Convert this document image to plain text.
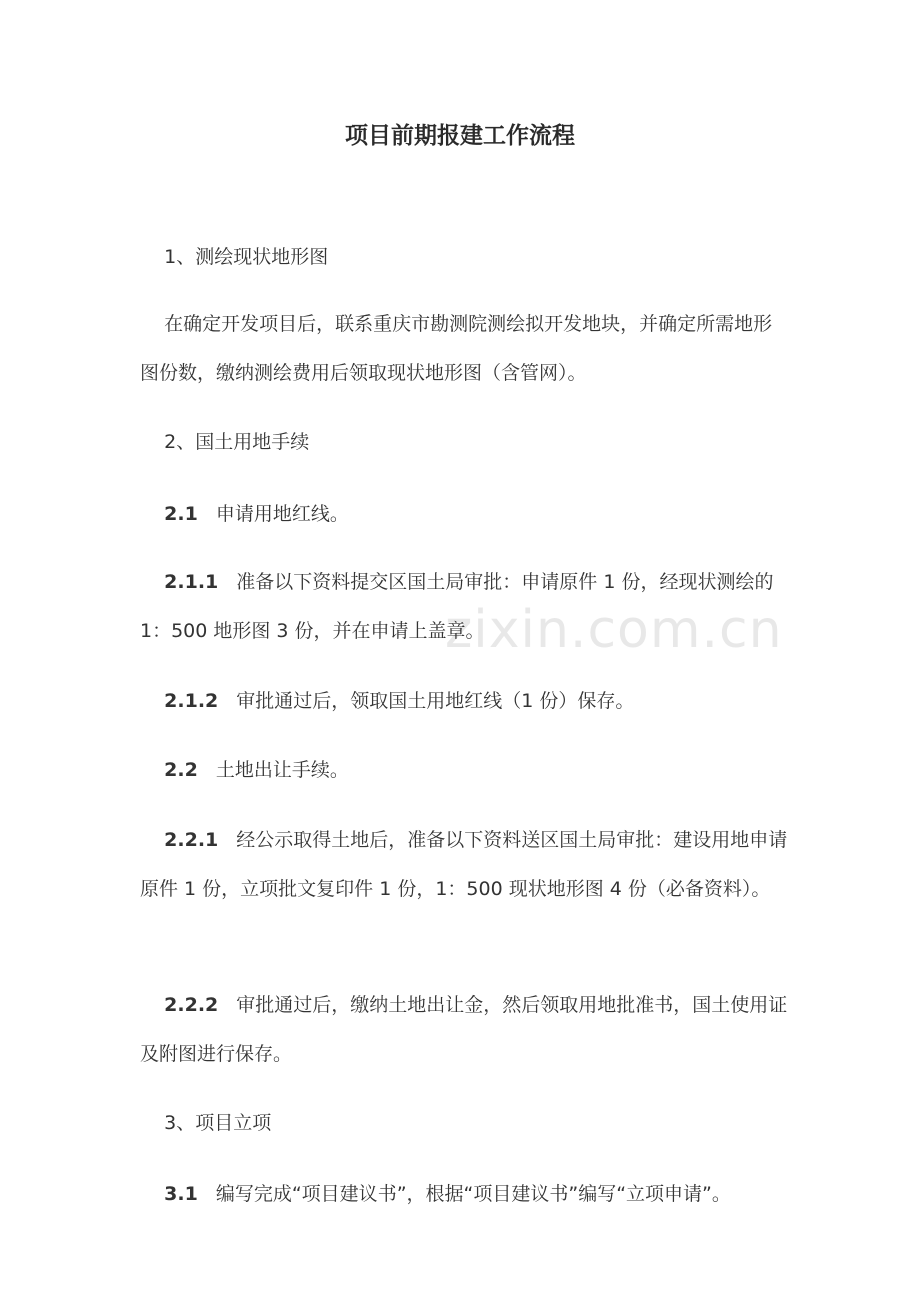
zixin.com.cn
项目前期报建工作流程

1、测绘现状地形图

在确定开发项目后，联系重庆市勘测院测绘拟开发地块，并确定所需地形图份数，缴纳测绘费用后领取现状地形图（含管网）。

2、国土用地手续

2.1 申请用地红线。

2.1.1 准备以下资料提交区国土局审批：申请原件 1 份，经现状测绘的 1：500 地形图 3 份，并在申请上盖章。

2.1.2 审批通过后，领取国土用地红线（1 份）保存。

2.2 土地出让手续。

2.2.1 经公示取得土地后，准备以下资料送区国土局审批：建设用地申请原件 1 份，立项批文复印件 1 份，1：500 现状地形图 4 份（必备资料）。

2.2.2 审批通过后，缴纳土地出让金，然后领取用地批准书，国土使用证及附图进行保存。

3、项目立项

3.1 编写完成“项目建议书”，根据“项目建议书”编写“立项申请”。
